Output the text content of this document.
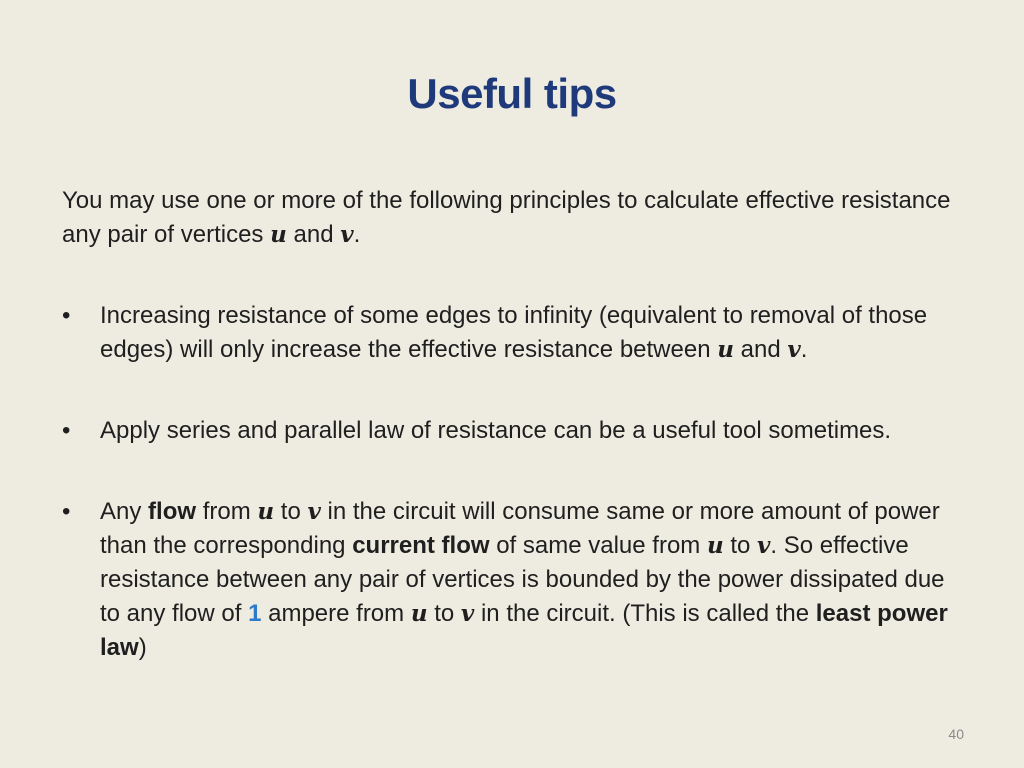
Useful tips

You may use one or more of the following principles to calculate effective resistance any pair of vertices u and v.

• Increasing resistance of some edges to infinity (equivalent to removal of those edges) will only increase the effective resistance between u and v.
• Apply series and parallel law of resistance can be a useful tool sometimes.
• Any flow from u to v in the circuit will consume same or more amount of power than the corresponding current flow of same value from u to v. So effective resistance between any pair of vertices is bounded by the power dissipated due to any flow of 1 ampere from u to v in the circuit. (This is called the least power law)
40
